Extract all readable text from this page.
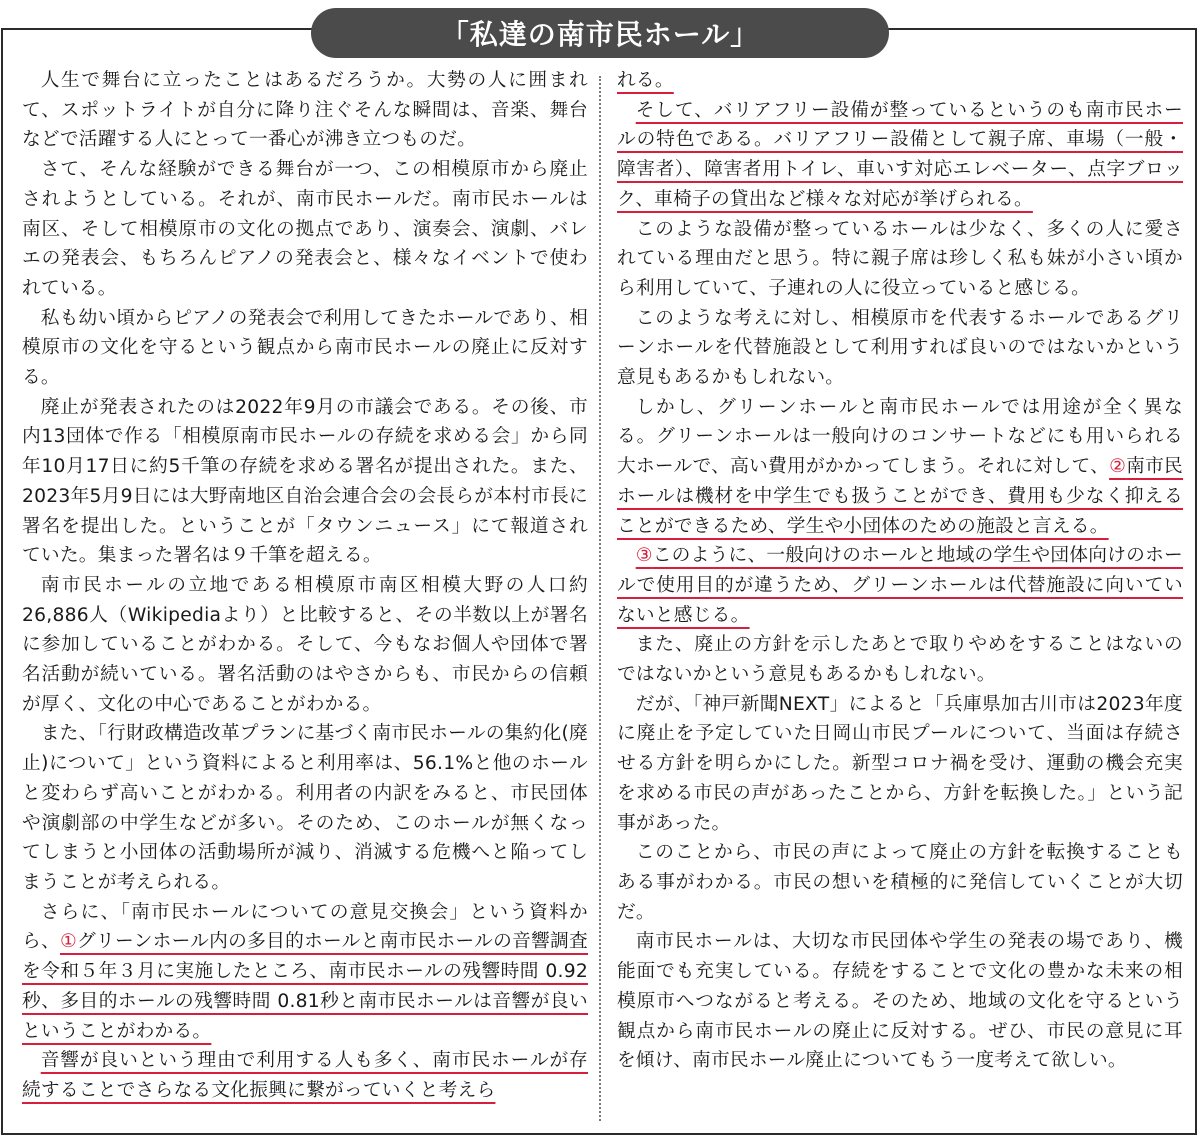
「私達の南市民ホール」

人生で舞台に立ったことはあるだろうか。大勢の人に囲まれて、スポットライトが自分に降り注ぐそんな瞬間は、音楽、舞台などで活躍する人にとって一番心が沸き立つものだ。

さて、そんな経験ができる舞台が一つ、この相模原市から廃止されようとしている。それが、南市民ホールだ。南市民ホールは南区、そして相模原市の文化の拠点であり、演奏会、演劇、バレエの発表会、もちろんピアノの発表会と、様々なイベントで使われている。

私も幼い頃からピアノの発表会で利用してきたホールであり、相模原市の文化を守るという観点から南市民ホールの廃止に反対する。

廃止が発表されたのは2022年9月の市議会である。その後、市内13団体で作る「相模原南市民ホールの存続を求める会」から同年10月17日に約5千筆の存続を求める署名が提出された。また、2023年5月9日には大野南地区自治会連合会の会長らが本村市長に署名を提出した。ということが「タウンニュース」にて報道されていた。集まった署名は９千筆を超える。

南市民ホールの立地である相模原市南区相模大野の人口約26,886人（Wikipediaより）と比較すると、その半数以上が署名に参加していることがわかる。そして、今もなお個人や団体で署名活動が続いている。署名活動のはやさからも、市民からの信頼が厚く、文化の中心であることがわかる。

また、「行財政構造改革プランに基づく南市民ホールの集約化(廃止)について」という資料によると利用率は、56.1%と他のホールと変わらず高いことがわかる。利用者の内訳をみると、市民団体や演劇部の中学生などが多い。そのため、このホールが無くなってしまうと小団体の活動場所が減り、消滅する危機へと陥ってしまうことが考えられる。

さらに、「南市民ホールについての意見交換会」という資料から、①グリーンホール内の多目的ホールと南市民ホールの音響調査を令和５年３月に実施したところ、南市民ホールの残響時間 0.92秒、多目的ホールの残響時間 0.81秒と南市民ホールは音響が良いということがわかる。

音響が良いという理由で利用する人も多く、南市民ホールが存続することでさらなる文化振興に繋がっていくと考えら

れる。

そして、バリアフリー設備が整っているというのも南市民ホールの特色である。バリアフリー設備として親子席、車場（一般・障害者）、障害者用トイレ、車いす対応エレベーター、点字ブロック、車椅子の貸出など様々な対応が挙げられる。

このような設備が整っているホールは少なく、多くの人に愛されている理由だと思う。特に親子席は珍しく私も妹が小さい頃から利用していて、子連れの人に役立っていると感じる。

このような考えに対し、相模原市を代表するホールであるグリーンホールを代替施設として利用すれば良いのではないかという意見もあるかもしれない。

しかし、グリーンホールと南市民ホールでは用途が全く異なる。グリーンホールは一般向けのコンサートなどにも用いられる大ホールで、高い費用がかかってしまう。それに対して、②南市民ホールは機材を中学生でも扱うことができ、費用も少なく抑えることができるため、学生や小団体のための施設と言える。

③このように、一般向けのホールと地域の学生や団体向けのホールで使用目的が違うため、グリーンホールは代替施設に向いていないと感じる。

また、廃止の方針を示したあとで取りやめをすることはないのではないかという意見もあるかもしれない。

だが、「神戸新聞NEXT」によると「兵庫県加古川市は2023年度に廃止を予定していた日岡山市民プールについて、当面は存続させる方針を明らかにした。新型コロナ禍を受け、運動の機会充実を求める市民の声があったことから、方針を転換した。」という記事があった。

このことから、市民の声によって廃止の方針を転換することもある事がわかる。市民の想いを積極的に発信していくことが大切だ。

南市民ホールは、大切な市民団体や学生の発表の場であり、機能面でも充実している。存続をすることで文化の豊かな未来の相模原市へつながると考える。そのため、地域の文化を守るという観点から南市民ホールの廃止に反対する。ぜひ、市民の意見に耳を傾け、南市民ホール廃止についてもう一度考えて欲しい。
